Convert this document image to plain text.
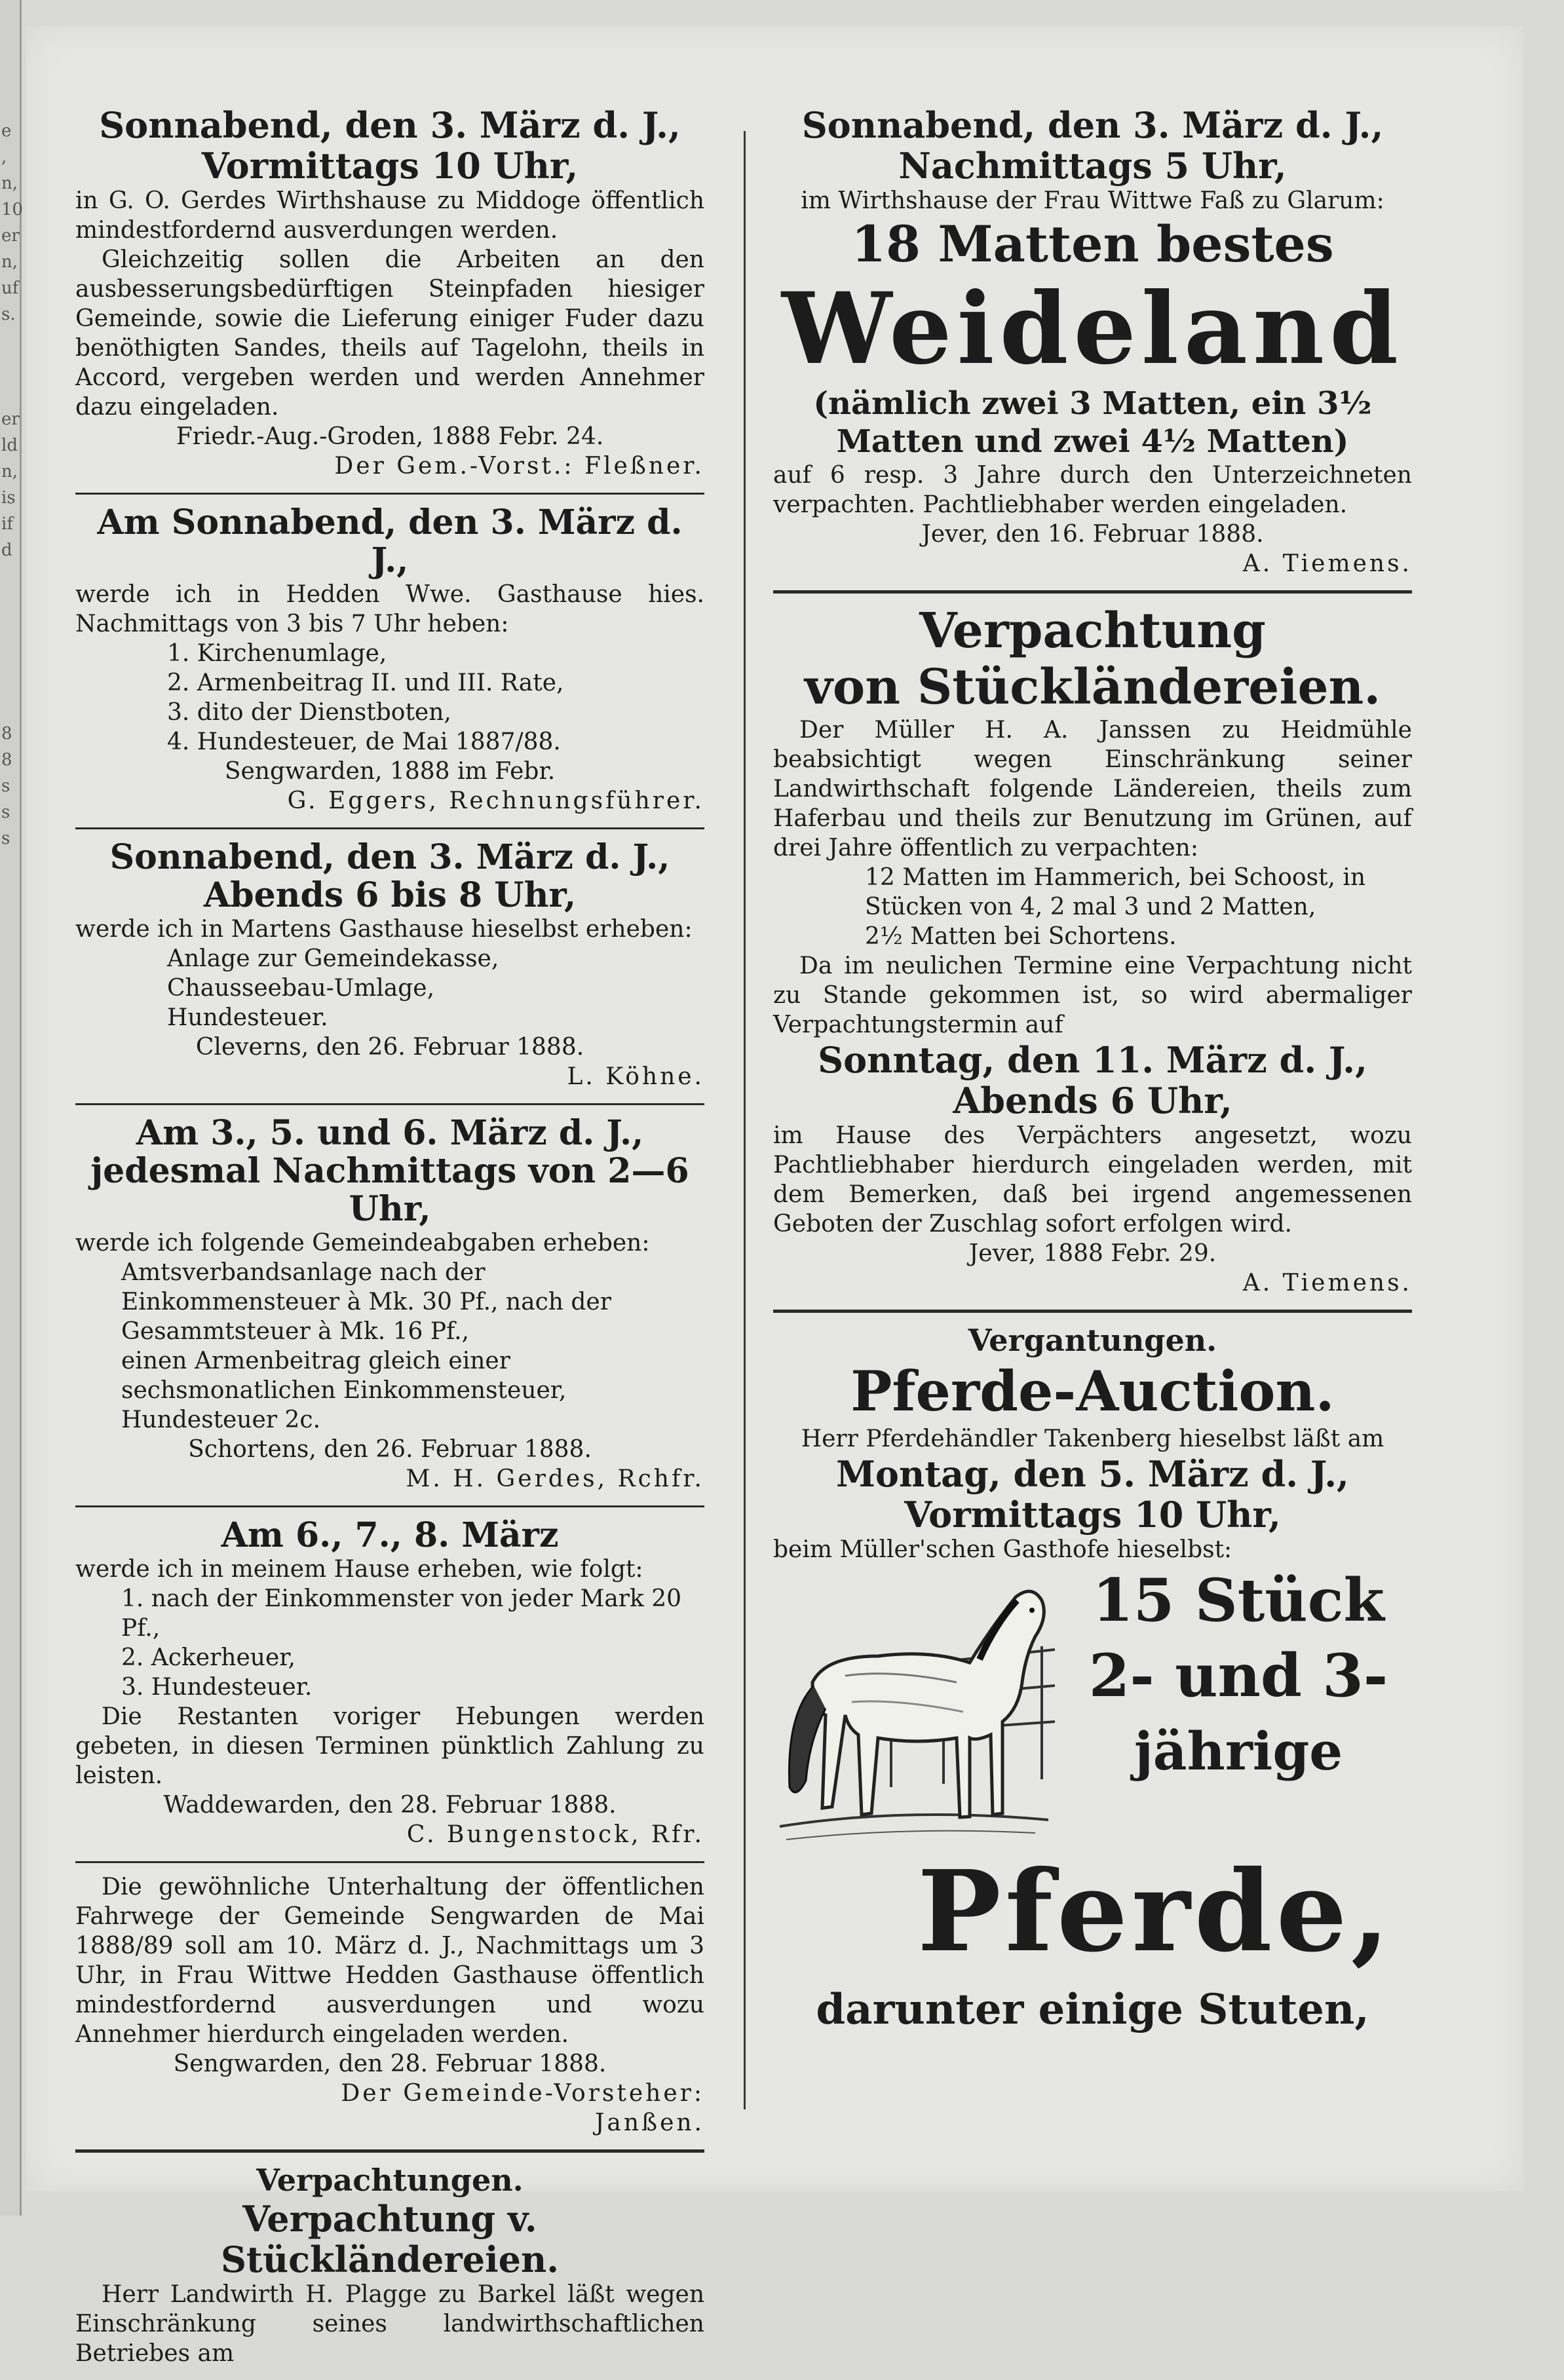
e
,
n,
10
er
n,
uf
s.
er
ld
n,
is
if
d
8
8
s
s
s
Sonnabend, den 3. März d. J.,
Vormittags 10 Uhr,
in G. O. Gerdes Wirthshause zu Middoge öffentlich mindestfordernd ausverdungen werden.
Gleichzeitig sollen die Arbeiten an den ausbesserungsbedürftigen Steinpfaden hiesiger Gemeinde, sowie die Lieferung einiger Fuder dazu benöthigten Sandes, theils auf Tagelohn, theils in Accord, vergeben werden und werden Annehmer dazu eingeladen.
Friedr.-Aug.-Groden, 1888 Febr. 24.
Der Gem.-Vorst.: Fleßner.
Am Sonnabend, den 3. März d. J.,
werde ich in Hedden Wwe. Gasthause hies. Nachmittags von 3 bis 7 Uhr heben:
1. Kirchenumlage,
2. Armenbeitrag II. und III. Rate,
3. dito der Dienstboten,
4. Hundesteuer, de Mai 1887/88.
Sengwarden, 1888 im Febr.
G. Eggers, Rechnungsführer.
Sonnabend, den 3. März d. J.,
Abends 6 bis 8 Uhr,
werde ich in Martens Gasthause hieselbst erheben:
Anlage zur Gemeindekasse,
Chausseebau-Umlage,
Hundesteuer.
Cleverns, den 26. Februar 1888.
L. Köhne.
Am 3., 5. und 6. März d. J.,
jedesmal Nachmittags von 2—6 Uhr,
werde ich folgende Gemeindeabgaben erheben:
Amtsverbandsanlage nach der Einkommensteuer à Mk. 30 Pf., nach der Gesammtsteuer à Mk. 16 Pf.,
einen Armenbeitrag gleich einer sechsmonatlichen Einkommensteuer, Hundesteuer 2c.
Schortens, den 26. Februar 1888.
M. H. Gerdes, Rchfr.
Am 6., 7., 8. März
werde ich in meinem Hause erheben, wie folgt:
1. nach der Einkommenster von jeder Mark 20 Pf.,
2. Ackerheuer,
3. Hundesteuer.
Die Restanten voriger Hebungen werden gebeten, in diesen Terminen pünktlich Zahlung zu leisten.
Waddewarden, den 28. Februar 1888.
C. Bungenstock, Rfr.
Die gewöhnliche Unterhaltung der öffentlichen Fahrwege der Gemeinde Sengwarden de Mai 1888/89 soll am 10. März d. J., Nachmittags um 3 Uhr, in Frau Wittwe Hedden Gasthause öffentlich mindestfordernd ausverdungen und wozu Annehmer hierdurch eingeladen werden.
Sengwarden, den 28. Februar 1888.
Der Gemeinde-Vorsteher:
Janßen.
Verpachtungen.
Verpachtung v. Stückländereien.
Herr Landwirth H. Plagge zu Barkel läßt wegen Einschränkung seines landwirthschaftlichen Betriebes am
Sonnabend, den 3. März d. J.,
Nachmittags 5 Uhr,
im Wirthshause der Frau Wittwe Faß zu Glarum:
18 Matten bestes
Weideland
(nämlich zwei 3 Matten, ein 3½ Matten und zwei 4½ Matten)
auf 6 resp. 3 Jahre durch den Unterzeichneten verpachten. Pachtliebhaber werden eingeladen.
Jever, den 16. Februar 1888.
A. Tiemens.
Verpachtung
von Stückländereien.
Der Müller H. A. Janssen zu Heidmühle beabsichtigt wegen Einschränkung seiner Landwirthschaft folgende Ländereien, theils zum Haferbau und theils zur Benutzung im Grünen, auf drei Jahre öffentlich zu verpachten:
12 Matten im Hammerich, bei Schoost, in Stücken von 4, 2 mal 3 und 2 Matten,
2½ Matten bei Schortens.
Da im neulichen Termine eine Verpachtung nicht zu Stande gekommen ist, so wird abermaliger Verpachtungstermin auf
Sonntag, den 11. März d. J.,
Abends 6 Uhr,
im Hause des Verpächters angesetzt, wozu Pachtliebhaber hierdurch eingeladen werden, mit dem Bemerken, daß bei irgend angemessenen Geboten der Zuschlag sofort erfolgen wird.
Jever, 1888 Febr. 29.
A. Tiemens.
Vergantungen.
Pferde-Auction.
Herr Pferdehändler Takenberg hieselbst läßt am
Montag, den 5. März d. J.,
Vormittags 10 Uhr,
beim Müller'schen Gasthofe hieselbst:
15 Stück
2- und 3-
jährige
Pferde,
darunter einige Stuten,
